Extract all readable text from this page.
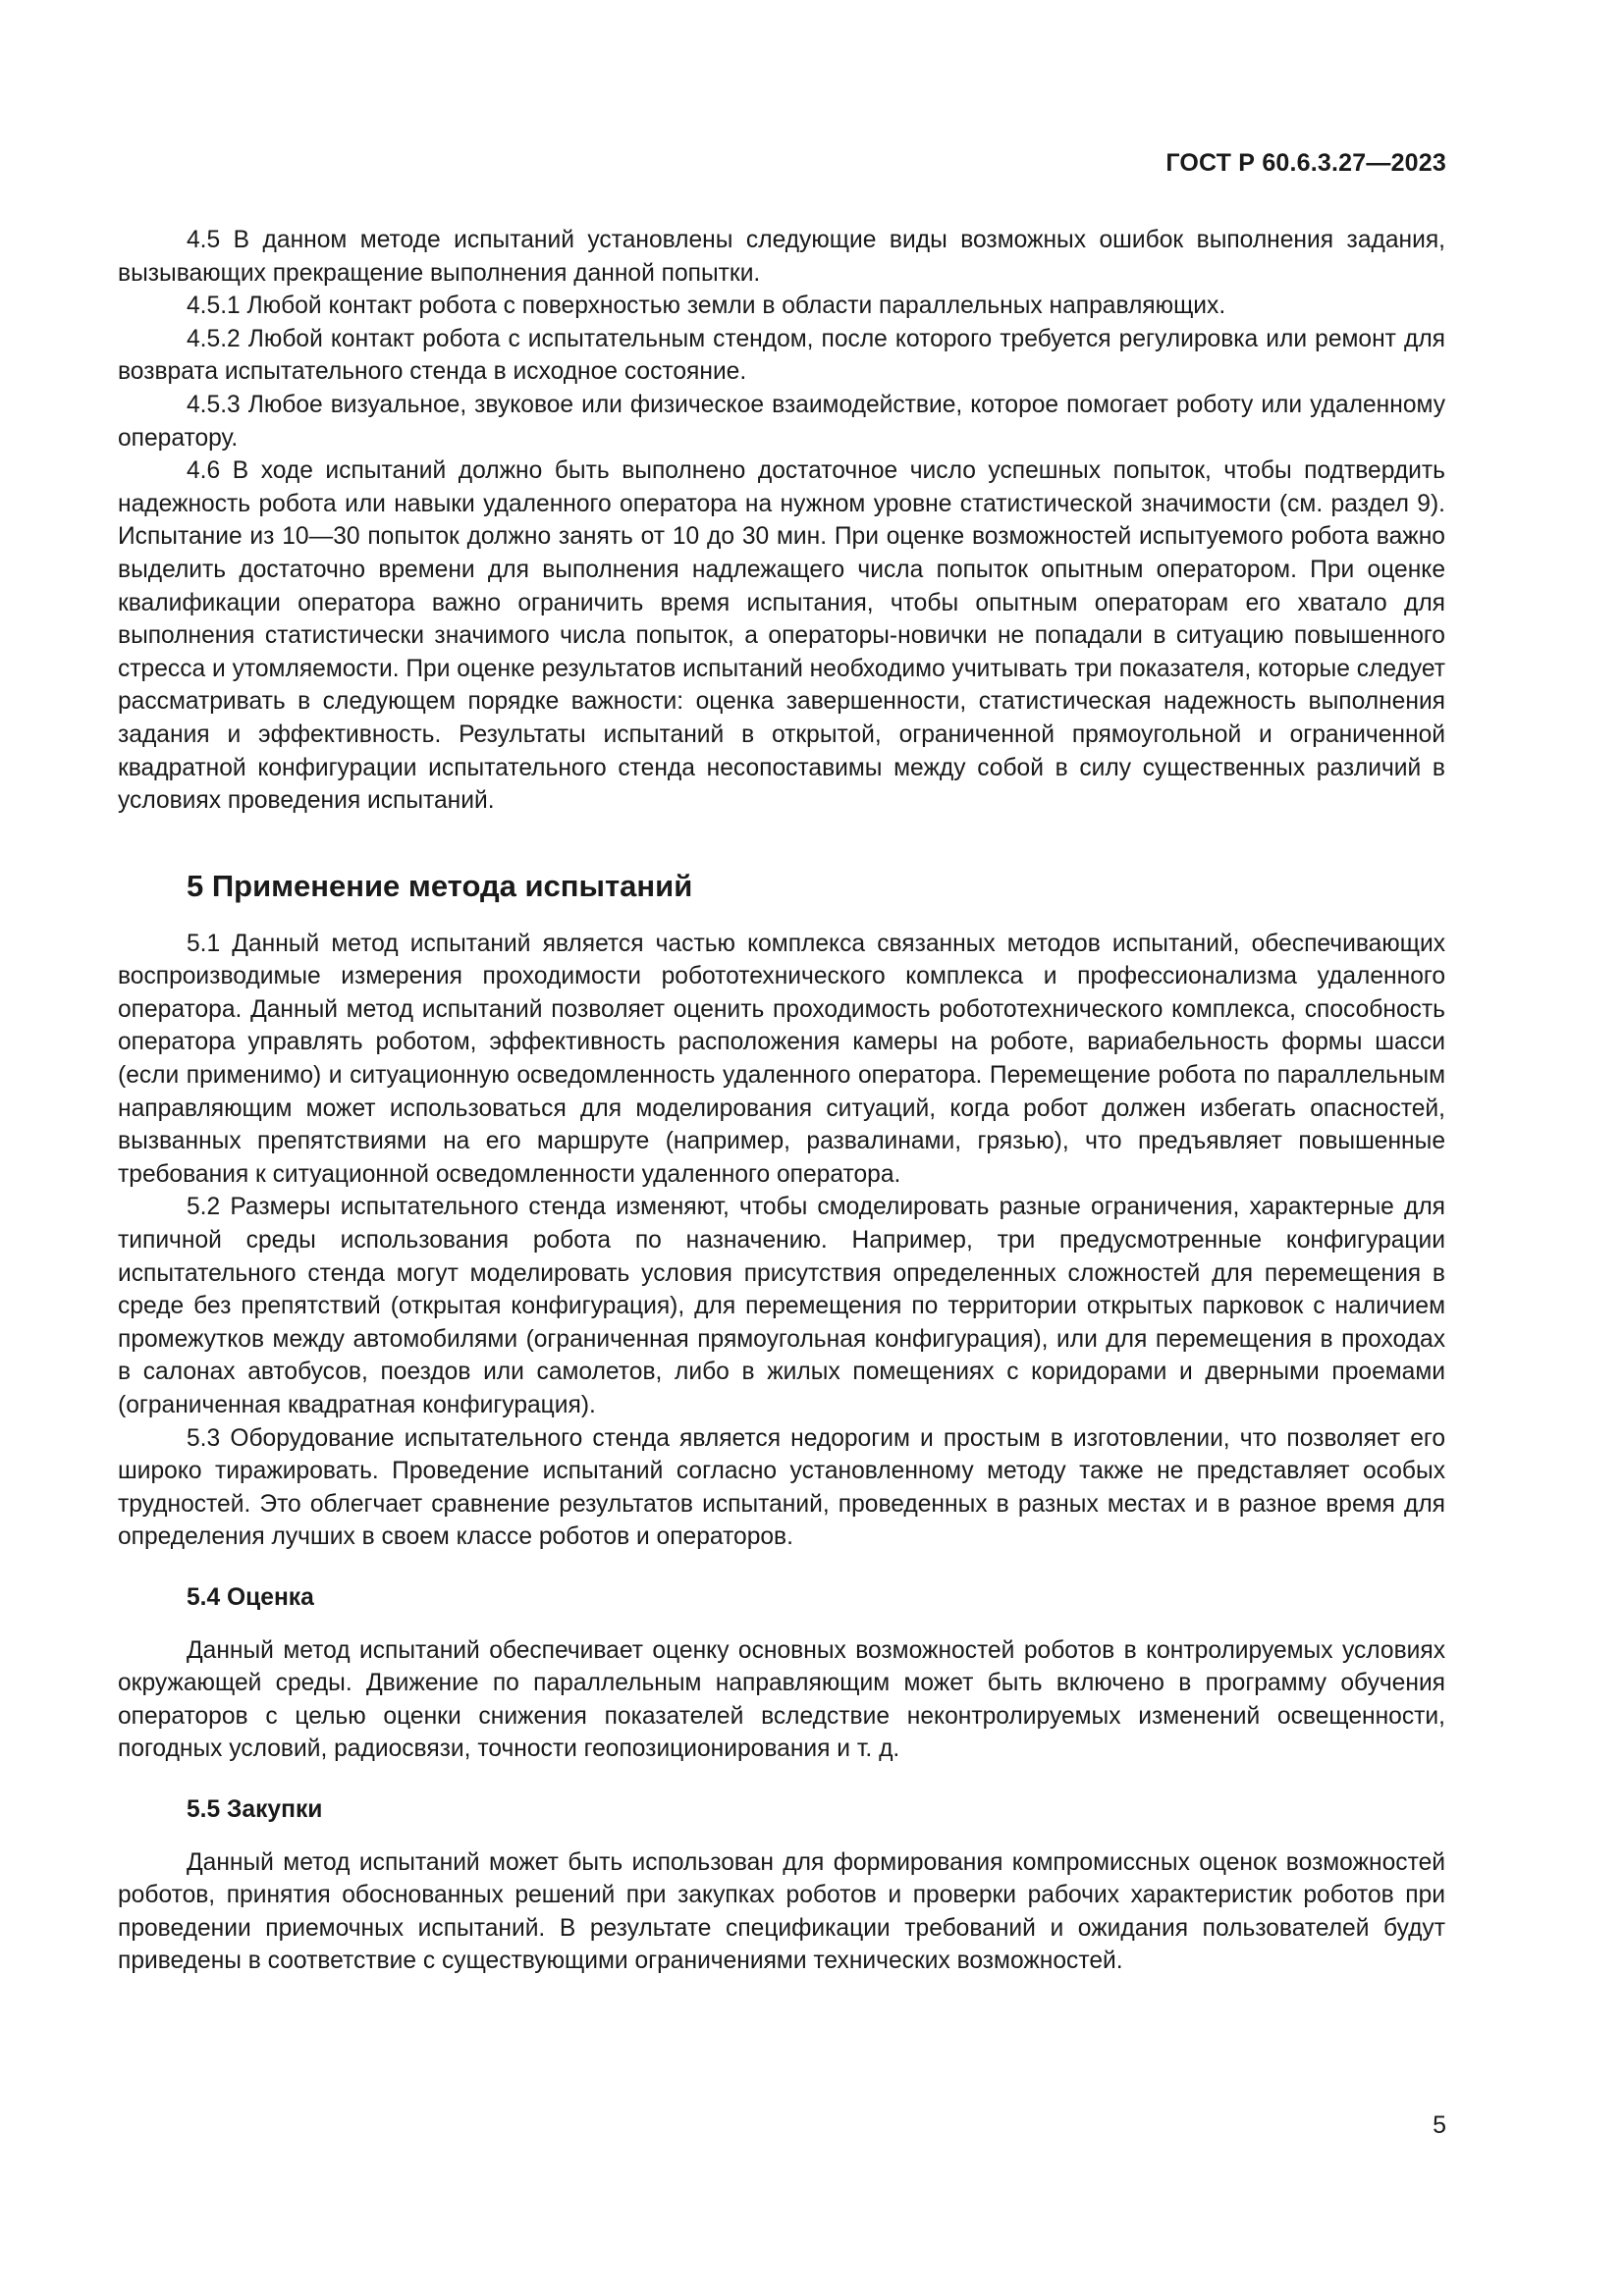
ГОСТ Р 60.6.3.27—2023

4.5 В данном методе испытаний установлены следующие виды возможных ошибок выполнения задания, вызывающих прекращение выполнения данной попытки.

4.5.1 Любой контакт робота с поверхностью земли в области параллельных направляющих.

4.5.2 Любой контакт робота с испытательным стендом, после которого требуется регулировка или ремонт для возврата испытательного стенда в исходное состояние.

4.5.3 Любое визуальное, звуковое или физическое взаимодействие, которое помогает роботу или удаленному оператору.

4.6 В ходе испытаний должно быть выполнено достаточное число успешных попыток, чтобы подтвердить надежность робота или навыки удаленного оператора на нужном уровне статистической значимости (см. раздел 9). Испытание из 10—30 попыток должно занять от 10 до 30 мин. При оценке возможностей испытуемого робота важно выделить достаточно времени для выполнения надлежащего числа попыток опытным оператором. При оценке квалификации оператора важно ограничить время испытания, чтобы опытным операторам его хватало для выполнения статистически значимого числа попыток, а операторы-новички не попадали в ситуацию повышенного стресса и утомляемости. При оценке результатов испытаний необходимо учитывать три показателя, которые следует рассматривать в следующем порядке важности: оценка завершенности, статистическая надежность выполнения задания и эффективность. Результаты испытаний в открытой, ограниченной прямоугольной и ограниченной квадратной конфигурации испытательного стенда несопоставимы между собой в силу существенных различий в условиях проведения испытаний.

5 Применение метода испытаний

5.1 Данный метод испытаний является частью комплекса связанных методов испытаний, обеспечивающих воспроизводимые измерения проходимости робототехнического комплекса и профессионализма удаленного оператора. Данный метод испытаний позволяет оценить проходимость робототехнического комплекса, способность оператора управлять роботом, эффективность расположения камеры на роботе, вариабельность формы шасси (если применимо) и ситуационную осведомленность удаленного оператора. Перемещение робота по параллельным направляющим может использоваться для моделирования ситуаций, когда робот должен избегать опасностей, вызванных препятствиями на его маршруте (например, развалинами, грязью), что предъявляет повышенные требования к ситуационной осведомленности удаленного оператора.

5.2 Размеры испытательного стенда изменяют, чтобы смоделировать разные ограничения, характерные для типичной среды использования робота по назначению. Например, три предусмотренные конфигурации испытательного стенда могут моделировать условия присутствия определенных сложностей для перемещения в среде без препятствий (открытая конфигурация), для перемещения по территории открытых парковок с наличием промежутков между автомобилями (ограниченная прямоугольная конфигурация), или для перемещения в проходах в салонах автобусов, поездов или самолетов, либо в жилых помещениях с коридорами и дверными проемами (ограниченная квадратная конфигурация).

5.3 Оборудование испытательного стенда является недорогим и простым в изготовлении, что позволяет его широко тиражировать. Проведение испытаний согласно установленному методу также не представляет особых трудностей. Это облегчает сравнение результатов испытаний, проведенных в разных местах и в разное время для определения лучших в своем классе роботов и операторов.

5.4 Оценка

Данный метод испытаний обеспечивает оценку основных возможностей роботов в контролируемых условиях окружающей среды. Движение по параллельным направляющим может быть включено в программу обучения операторов с целью оценки снижения показателей вследствие неконтролируемых изменений освещенности, погодных условий, радиосвязи, точности геопозиционирования и т. д.

5.5 Закупки

Данный метод испытаний может быть использован для формирования компромиссных оценок возможностей роботов, принятия обоснованных решений при закупках роботов и проверки рабочих характеристик роботов при проведении приемочных испытаний. В результате спецификации требований и ожидания пользователей будут приведены в соответствие с существующими ограничениями технических возможностей.

5
